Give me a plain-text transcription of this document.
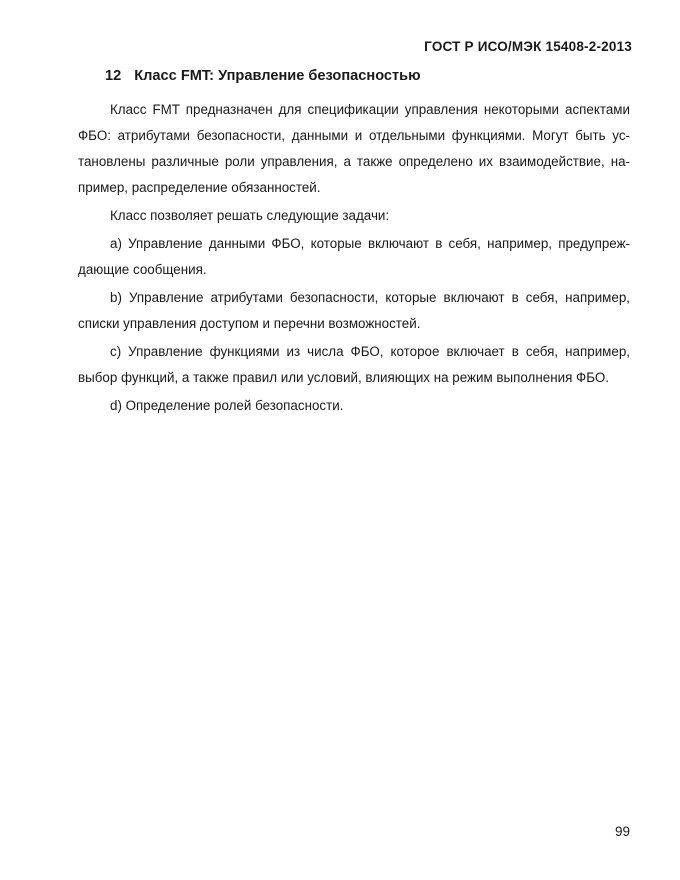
ГОСТ Р ИСО/МЭК 15408-2-2013
12 Класс FMT: Управление безопасностью
Класс FMT предназначен для спецификации управления некоторыми аспектами
ФБО: атрибутами безопасности, данными и отдельными функциями. Могут быть ус-
тановлены различные роли управления, а также определено их взаимодействие, на-
пример, распределение обязанностей.
Класс позволяет решать следующие задачи:
a) Управление данными ФБО, которые включают в себя, например, предупреж-
дающие сообщения.
b) Управление атрибутами безопасности, которые включают в себя, например,
списки управления доступом и перечни возможностей.
c) Управление функциями из числа ФБО, которое включает в себя, например,
выбор функций, а также правил или условий, влияющих на режим выполнения ФБО.
d) Определение ролей безопасности.
99
